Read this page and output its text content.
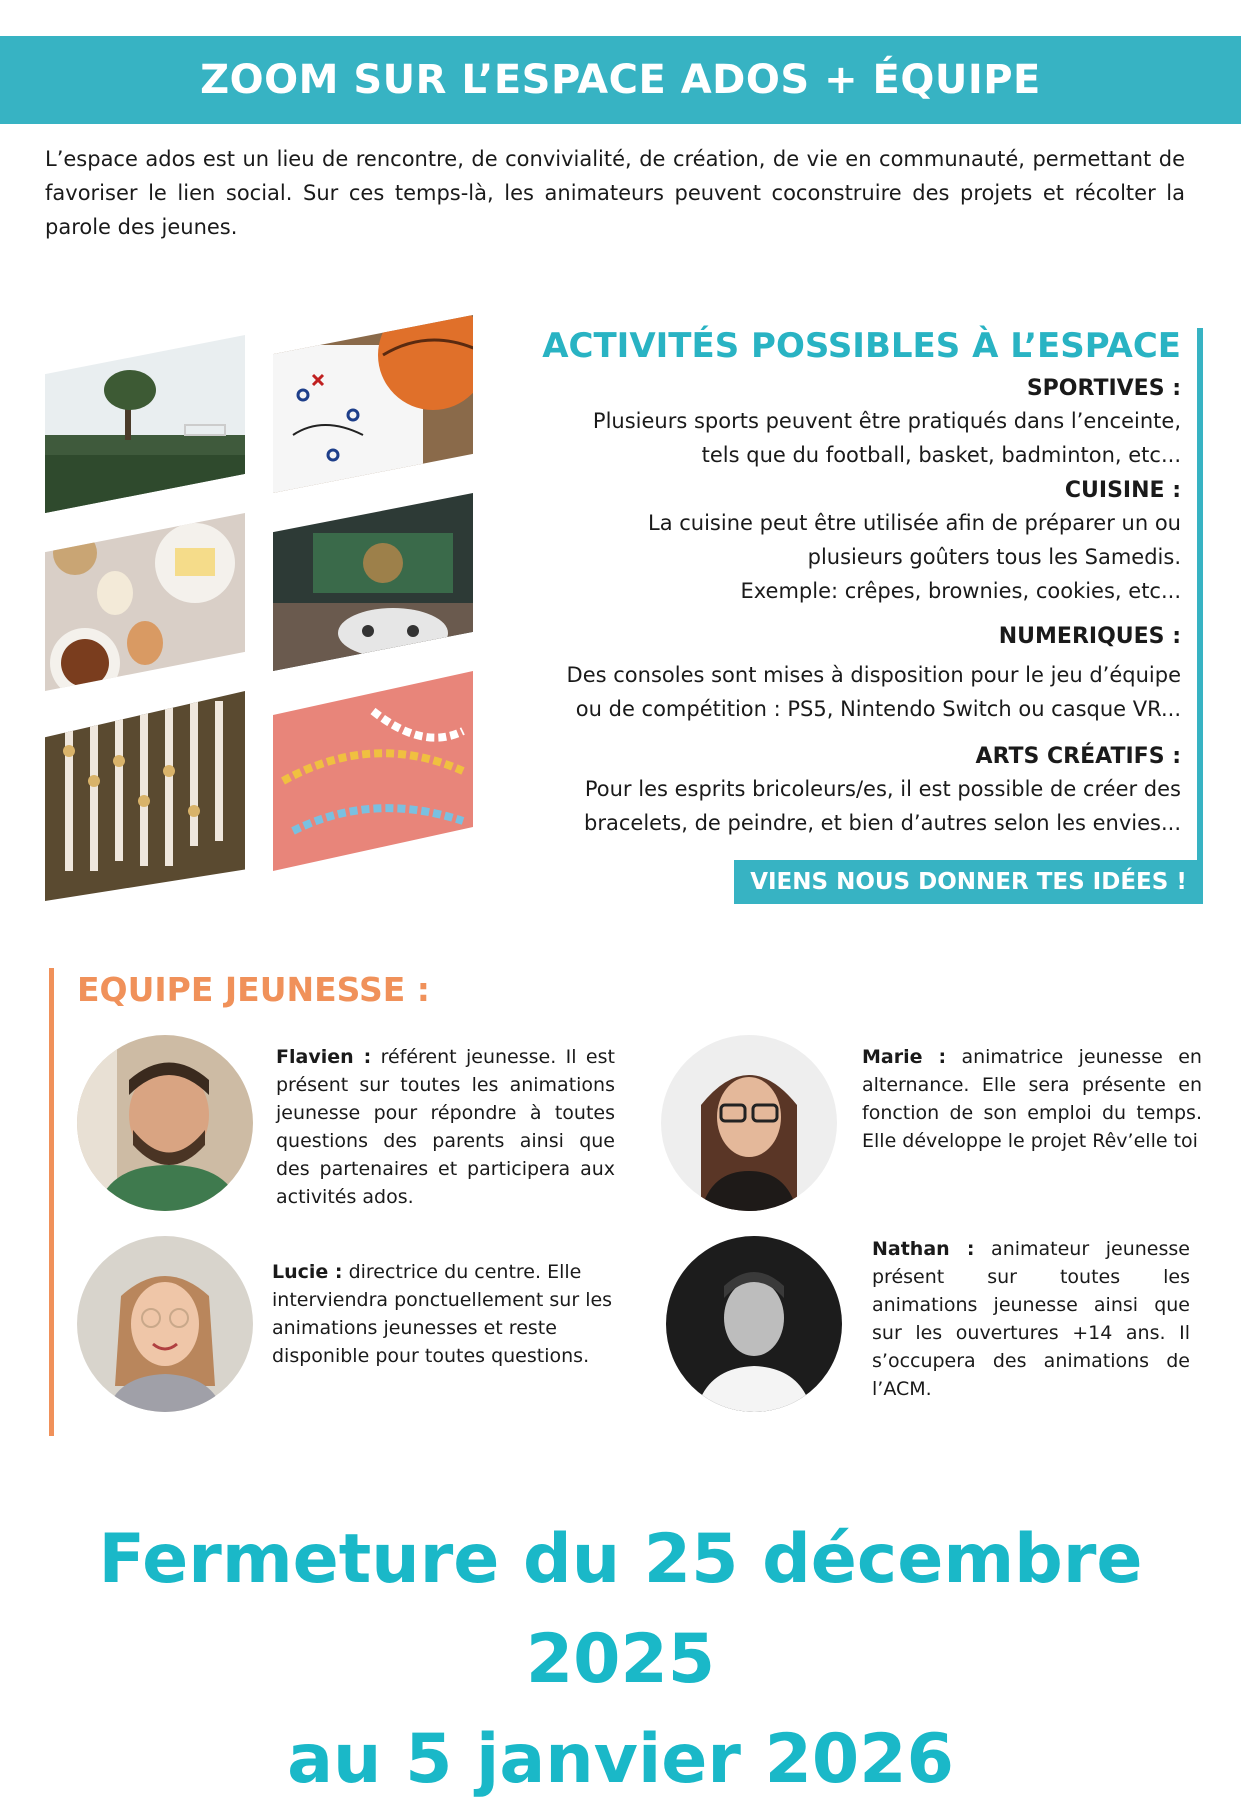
ZOOM SUR L’ESPACE ADOS + ÉQUIPE

L’espace ados est un lieu de rencontre, de convivialité, de création, de vie en communauté, permettant de favoriser le lien social. Sur ces temps-là, les animateurs peuvent coconstruire des projets et récolter la parole des jeunes.

ACTIVITÉS POSSIBLES À L’ESPACE
SPORTIVES :
Plusieurs sports peuvent être pratiqués dans l’enceinte,
tels que du football, basket, badminton, etc...
CUISINE :
La cuisine peut être utilisée afin de préparer un ou
plusieurs goûters tous les Samedis.
Exemple: crêpes, brownies, cookies, etc...
NUMERIQUES :
Des consoles sont mises à disposition pour le jeu d’équipe
ou de compétition : PS5, Nintendo Switch ou casque VR...
ARTS CRÉATIFS :
Pour les esprits bricoleurs/es, il est possible de créer des
bracelets, de peindre, et bien d’autres selon les envies...
VIENS NOUS DONNER TES IDÉES !
EQUIPE JEUNESSE :

Flavien : référent jeunesse. Il est présent sur toutes les animations jeunesse pour répondre à toutes questions des parents ainsi que des partenaires et participera aux activités ados.

Marie : animatrice jeunesse en alternance. Elle sera présente en fonction de son emploi du temps. Elle développe le projet Rêv’elle toi

Lucie : directrice du centre. Elle interviendra ponctuellement sur les animations jeunesses et reste disponible pour toutes questions.

Nathan : animateur jeunesse présent sur toutes les animations jeunesse ainsi que sur les ouvertures +14 ans. Il s’occupera des animations de l’ACM.

Fermeture du 25 décembre 2025
au 5 janvier 2026
